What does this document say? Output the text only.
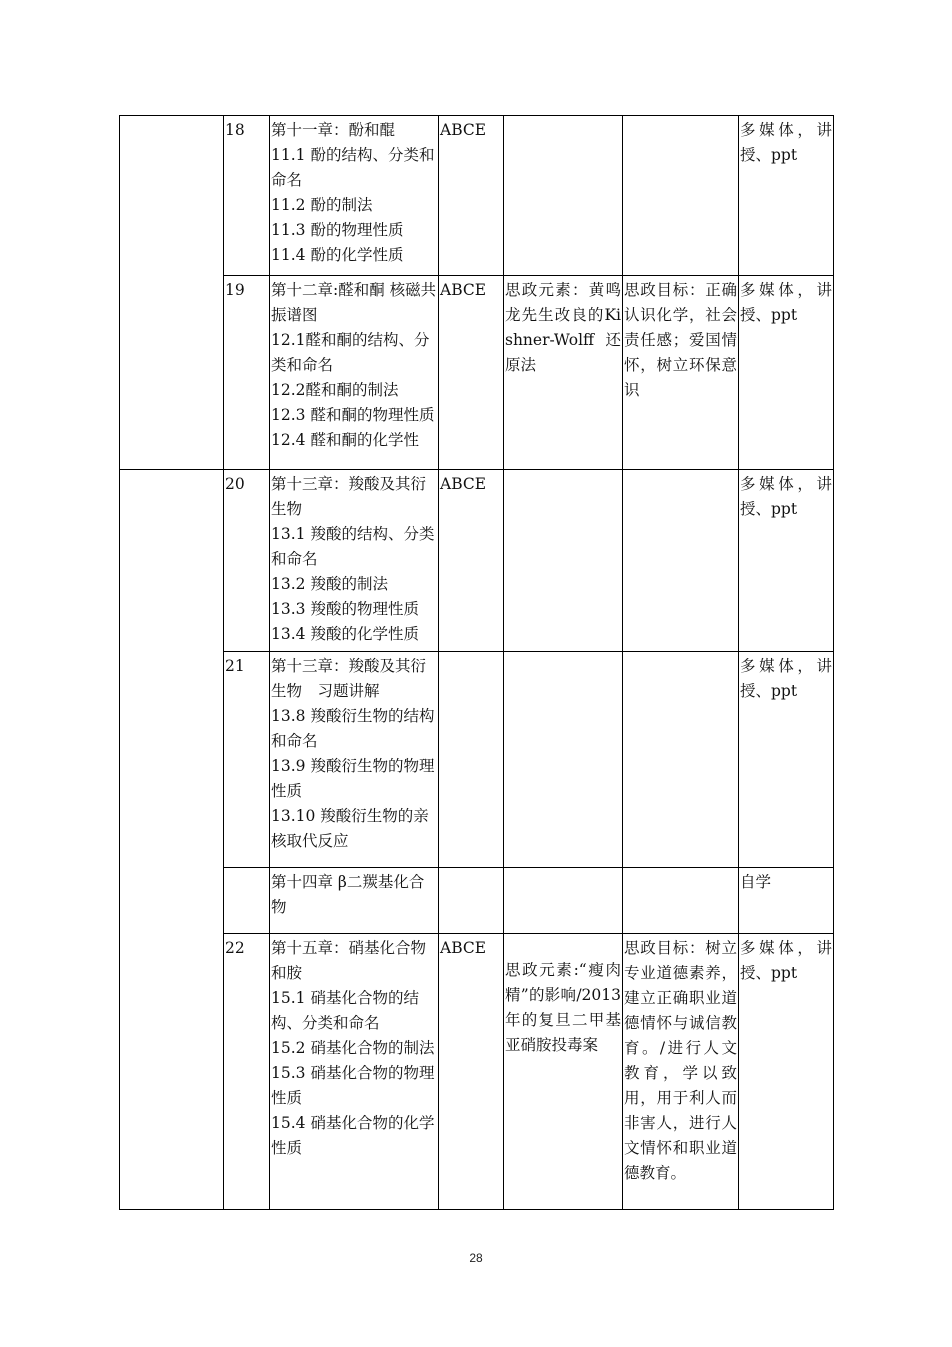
	18	第十一章：酚和醌
11.1 酚的结构、分类和命名
11.2 酚的制法
11.3 酚的物理性质
11.4 酚的化学性质	ABCE			多媒体，讲授、ppt
	19	第十二章:醛和酮 核磁共振谱图
12.1醛和酮的结构、分类和命名
12.2醛和酮的制法
12.3 醛和酮的物理性质
12.4 醛和酮的化学性	ABCE	思政元素：黄鸣龙先生改良的Kishner-Wolff还原法	思政目标：正确认识化学，社会责任感；爱国情怀，树立环保意识	多媒体，讲授、ppt
	20	第十三章：羧酸及其衍生物
13.1 羧酸的结构、分类和命名
13.2 羧酸的制法
13.3 羧酸的物理性质
13.4 羧酸的化学性质	ABCE			多媒体，讲授、ppt
	21	第十三章：羧酸及其衍生物　习题讲解
13.8 羧酸衍生物的结构和命名
13.9 羧酸衍生物的物理性质
13.10 羧酸衍生物的亲核取代反应				多媒体，讲授、ppt

		第十四章 β二羰基化合物				自学
	22	第十五章：硝基化合物和胺
15.1 硝基化合物的结构、分类和命名
15.2 硝基化合物的制法
15.3 硝基化合物的物理性质
15.4 硝基化合物的化学性质	ABCE	思政元素:“瘦肉精”的影响/2013年的复旦二甲基亚硝胺投毒案	思政目标：树立专业道德素养，建立正确职业道德情怀与诚信教育。/进行人文教育，学以致用，用于利人而非害人，进行人文情怀和职业道德教育。	多媒体，讲授、ppt
28
